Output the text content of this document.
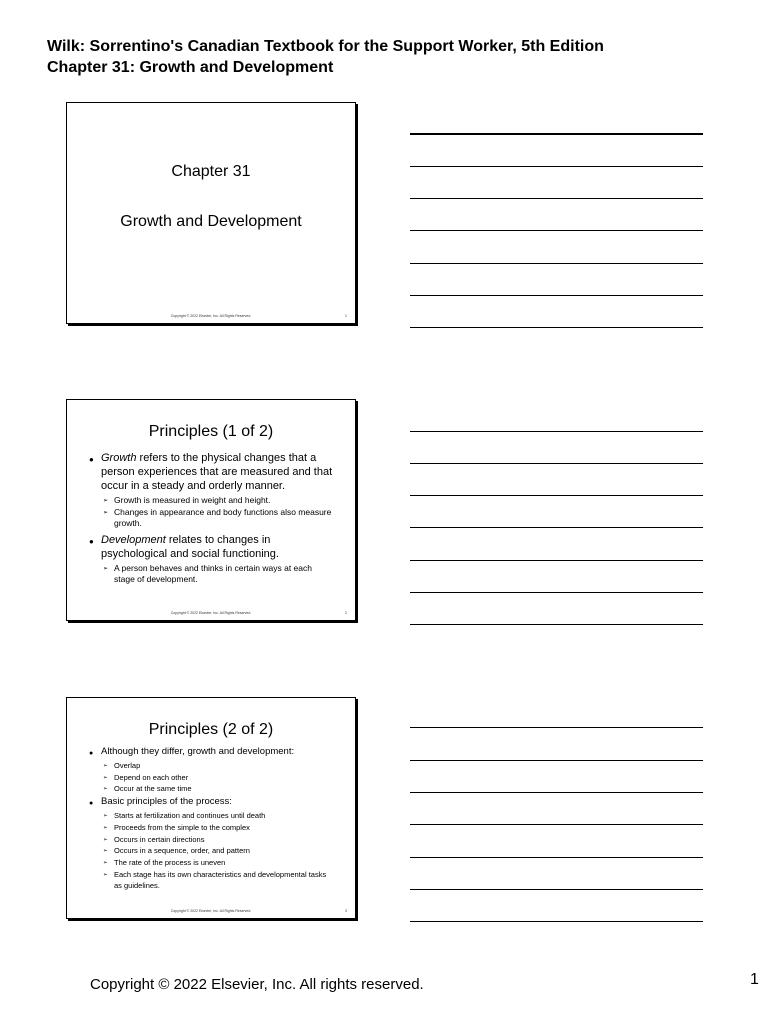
Wilk: Sorrentino's Canadian Textbook for the Support Worker, 5th Edition
Chapter 31: Growth and Development
Chapter 31
Growth and Development
Copyright © 2022 Elsevier, Inc. All Rights Reserved.	1
Principles (1 of 2)
● Growth refers to the physical changes that a person experiences that are measured and that occur in a steady and orderly manner.
➢ Growth is measured in weight and height.
➢ Changes in appearance and body functions also measure growth.
● Development relates to changes in psychological and social functioning.
➢ A person behaves and thinks in certain ways at each stage of development.
Copyright © 2022 Elsevier, Inc. All Rights Reserved.	2
Principles (2 of 2)
● Although they differ, growth and development:
➢ Overlap
➢ Depend on each other
➢ Occur at the same time
● Basic principles of the process:
➢ Starts at fertilization and continues until death
➢ Proceeds from the simple to the complex
➢ Occurs in certain directions
➢ Occurs in a sequence, order, and pattern
➢ The rate of the process is uneven
➢ Each stage has its own characteristics and developmental tasks as guidelines.
Copyright © 2022 Elsevier, Inc. All Rights Reserved.	3
Copyright © 2022 Elsevier, Inc. All rights reserved.	1
